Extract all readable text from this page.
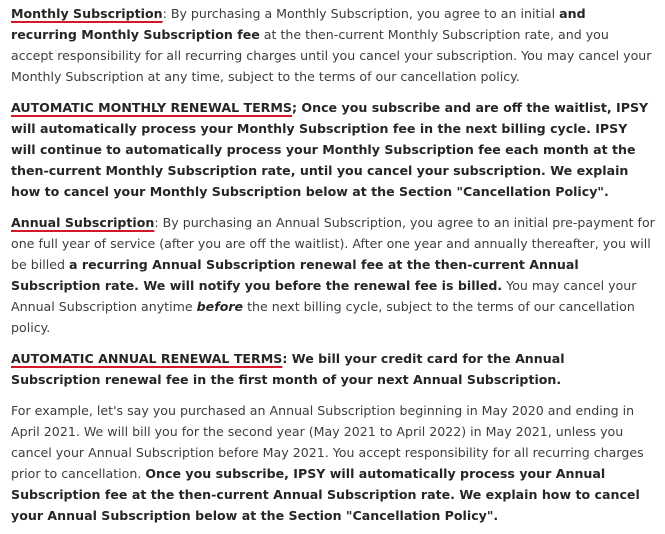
Monthly Subscription: By purchasing a Monthly Subscription, you agree to an initial and recurring Monthly Subscription fee at the then-current Monthly Subscription rate, and you accept responsibility for all recurring charges until you cancel your subscription. You may cancel your Monthly Subscription at any time, subject to the terms of our cancellation policy.

AUTOMATIC MONTHLY RENEWAL TERMS; Once you subscribe and are off the waitlist, IPSY will automatically process your Monthly Subscription fee in the next billing cycle. IPSY will continue to automatically process your Monthly Subscription fee each month at the then-current Monthly Subscription rate, until you cancel your subscription. We explain how to cancel your Monthly Subscription below at the Section "Cancellation Policy".

Annual Subscription: By purchasing an Annual Subscription, you agree to an initial pre-payment for one full year of service (after you are off the waitlist). After one year and annually thereafter, you will be billed a recurring Annual Subscription renewal fee at the then-current Annual Subscription rate. We will notify you before the renewal fee is billed. You may cancel your Annual Subscription anytime before the next billing cycle, subject to the terms of our cancellation policy.

AUTOMATIC ANNUAL RENEWAL TERMS: We bill your credit card for the Annual Subscription renewal fee in the first month of your next Annual Subscription.

For example, let's say you purchased an Annual Subscription beginning in May 2020 and ending in April 2021. We will bill you for the second year (May 2021 to April 2022) in May 2021, unless you cancel your Annual Subscription before May 2021. You accept responsibility for all recurring charges prior to cancellation. Once you subscribe, IPSY will automatically process your Annual Subscription fee at the then-current Annual Subscription rate. We explain how to cancel your Annual Subscription below at the Section "Cancellation Policy".
